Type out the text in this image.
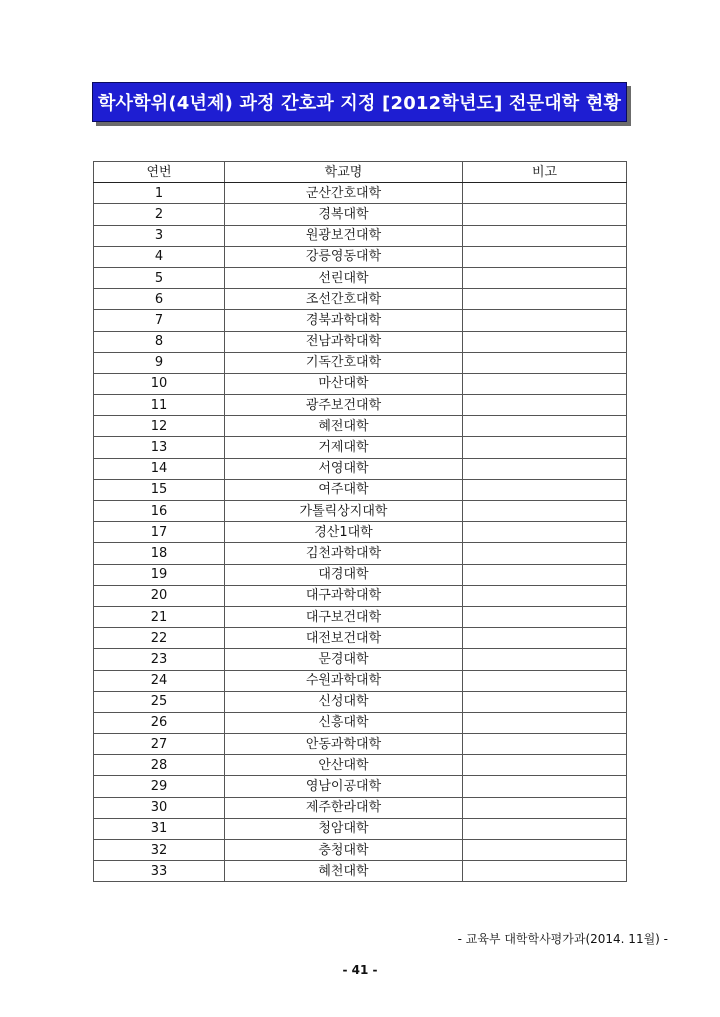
학사학위(4년제) 과정 간호과 지정 [2012학년도] 전문대학 현황
연번	학교명	비고
1	군산간호대학	
2	경복대학	
3	원광보건대학	
4	강릉영동대학	
5	선린대학	
6	조선간호대학	
7	경북과학대학	
8	전남과학대학	
9	기독간호대학	
10	마산대학	
11	광주보건대학	
12	혜전대학	
13	거제대학	
14	서영대학	
15	여주대학	
16	가톨릭상지대학	
17	경산1대학	
18	김천과학대학	
19	대경대학	
20	대구과학대학	
21	대구보건대학	
22	대전보건대학	
23	문경대학	
24	수원과학대학	
25	신성대학	
26	신흥대학	
27	안동과학대학	
28	안산대학	
29	영남이공대학	
30	제주한라대학	
31	청암대학	
32	충청대학	
33	혜천대학	
- 교육부 대학학사평가과(2014. 11월) -
- 41 -
